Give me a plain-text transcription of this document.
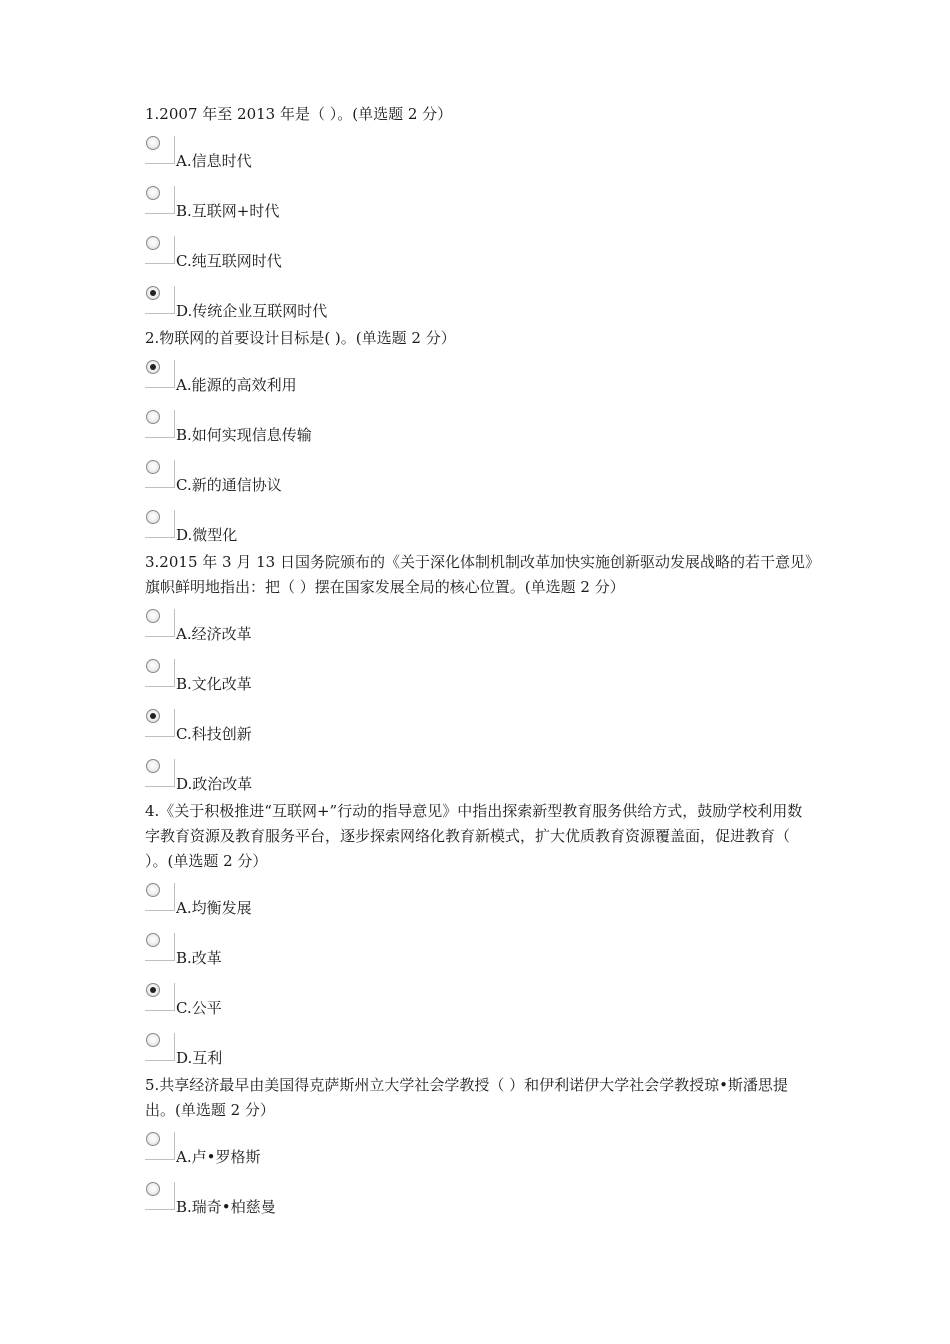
1.2007 年至 2013 年是（ ）。(单选题 2 分）

A.信息时代
B.互联网+时代
C.纯互联网时代
D.传统企业互联网时代

2.物联网的首要设计目标是( )。(单选题 2 分）

A.能源的高效利用
B.如何实现信息传输
C.新的通信协议
D.微型化

3.2015 年 3 月 13 日国务院颁布的《关于深化体制机制改革加快实施创新驱动发展战略的若干意见》旗帜鲜明地指出：把（ ）摆在国家发展全局的核心位置。(单选题 2 分）

A.经济改革
B.文化改革
C.科技创新
D.政治改革

4.《关于积极推进“互联网+”行动的指导意见》中指出探索新型教育服务供给方式，鼓励学校利用数字教育资源及教育服务平台，逐步探索网络化教育新模式，扩大优质教育资源覆盖面，促进教育（ ）。(单选题 2 分）

A.均衡发展
B.改革
C.公平
D.互利

5.共享经济最早由美国得克萨斯州立大学社会学教授（ ）和伊利诺伊大学社会学教授琼•斯潘思提出。(单选题 2 分）

A.卢•罗格斯
B.瑞奇•柏慈曼
